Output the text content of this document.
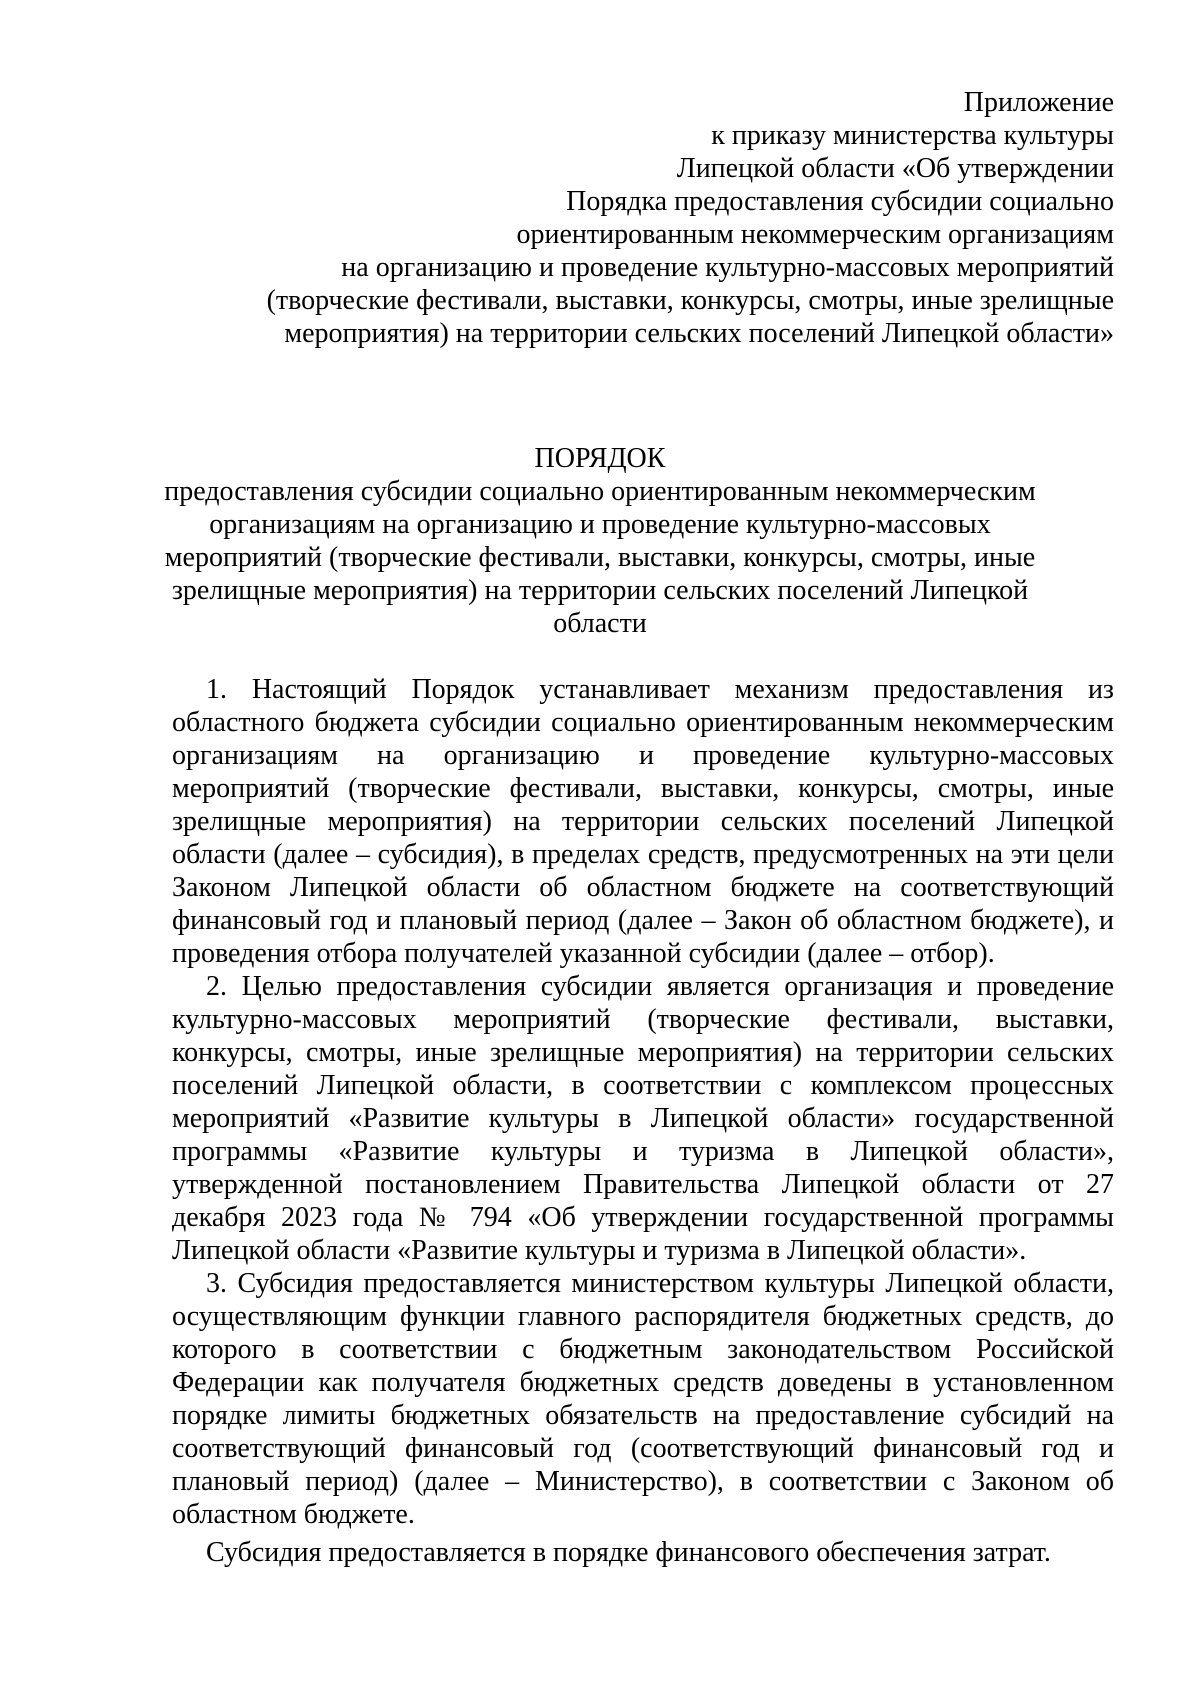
Приложение
к приказу министерства культуры
Липецкой области «Об утверждении
Порядка предоставления субсидии социально
ориентированным некоммерческим организациям
на организацию и проведение культурно-массовых мероприятий
(творческие фестивали, выставки, конкурсы, смотры, иные зрелищные
мероприятия) на территории сельских поселений Липецкой области»
ПОРЯДОК
предоставления субсидии социально ориентированным некоммерческим
организациям на организацию и проведение культурно-массовых
мероприятий (творческие фестивали, выставки, конкурсы, смотры, иные
зрелищные мероприятия) на территории сельских поселений Липецкой
области

1. Настоящий Порядок устанавливает механизм предоставления из областного бюджета субсидии социально ориентированным некоммерческим организациям на организацию и проведение культурно-массовых мероприятий (творческие фестивали, выставки, конкурсы, смотры, иные зрелищные мероприятия) на территории сельских поселений Липецкой области (далее – субсидия), в пределах средств, предусмотренных на эти цели Законом Липецкой области об областном бюджете на соответствующий финансовый год и плановый период (далее – Закон об областном бюджете), и проведения отбора получателей указанной субсидии (далее – отбор).

2. Целью предоставления субсидии является организация и проведение культурно-массовых мероприятий (творческие фестивали, выставки, конкурсы, смотры, иные зрелищные мероприятия) на территории сельских поселений Липецкой области, в соответствии с комплексом процессных мероприятий «Развитие культуры в Липецкой области» государственной программы «Развитие культуры и туризма в Липецкой области», утвержденной постановлением Правительства Липецкой области от 27 декабря 2023 года № 794 «Об утверждении государственной программы Липецкой области «Развитие культуры и туризма в Липецкой области».

3. Субсидия предоставляется министерством культуры Липецкой области, осуществляющим функции главного распорядителя бюджетных средств, до которого в соответствии с бюджетным законодательством Российской Федерации как получателя бюджетных средств доведены в установленном порядке лимиты бюджетных обязательств на предоставление субсидий на соответствующий финансовый год (соответствующий финансовый год и плановый период) (далее – Министерство), в соответствии с Законом об областном бюджете.

Субсидия предоставляется в порядке финансового обеспечения затрат.
